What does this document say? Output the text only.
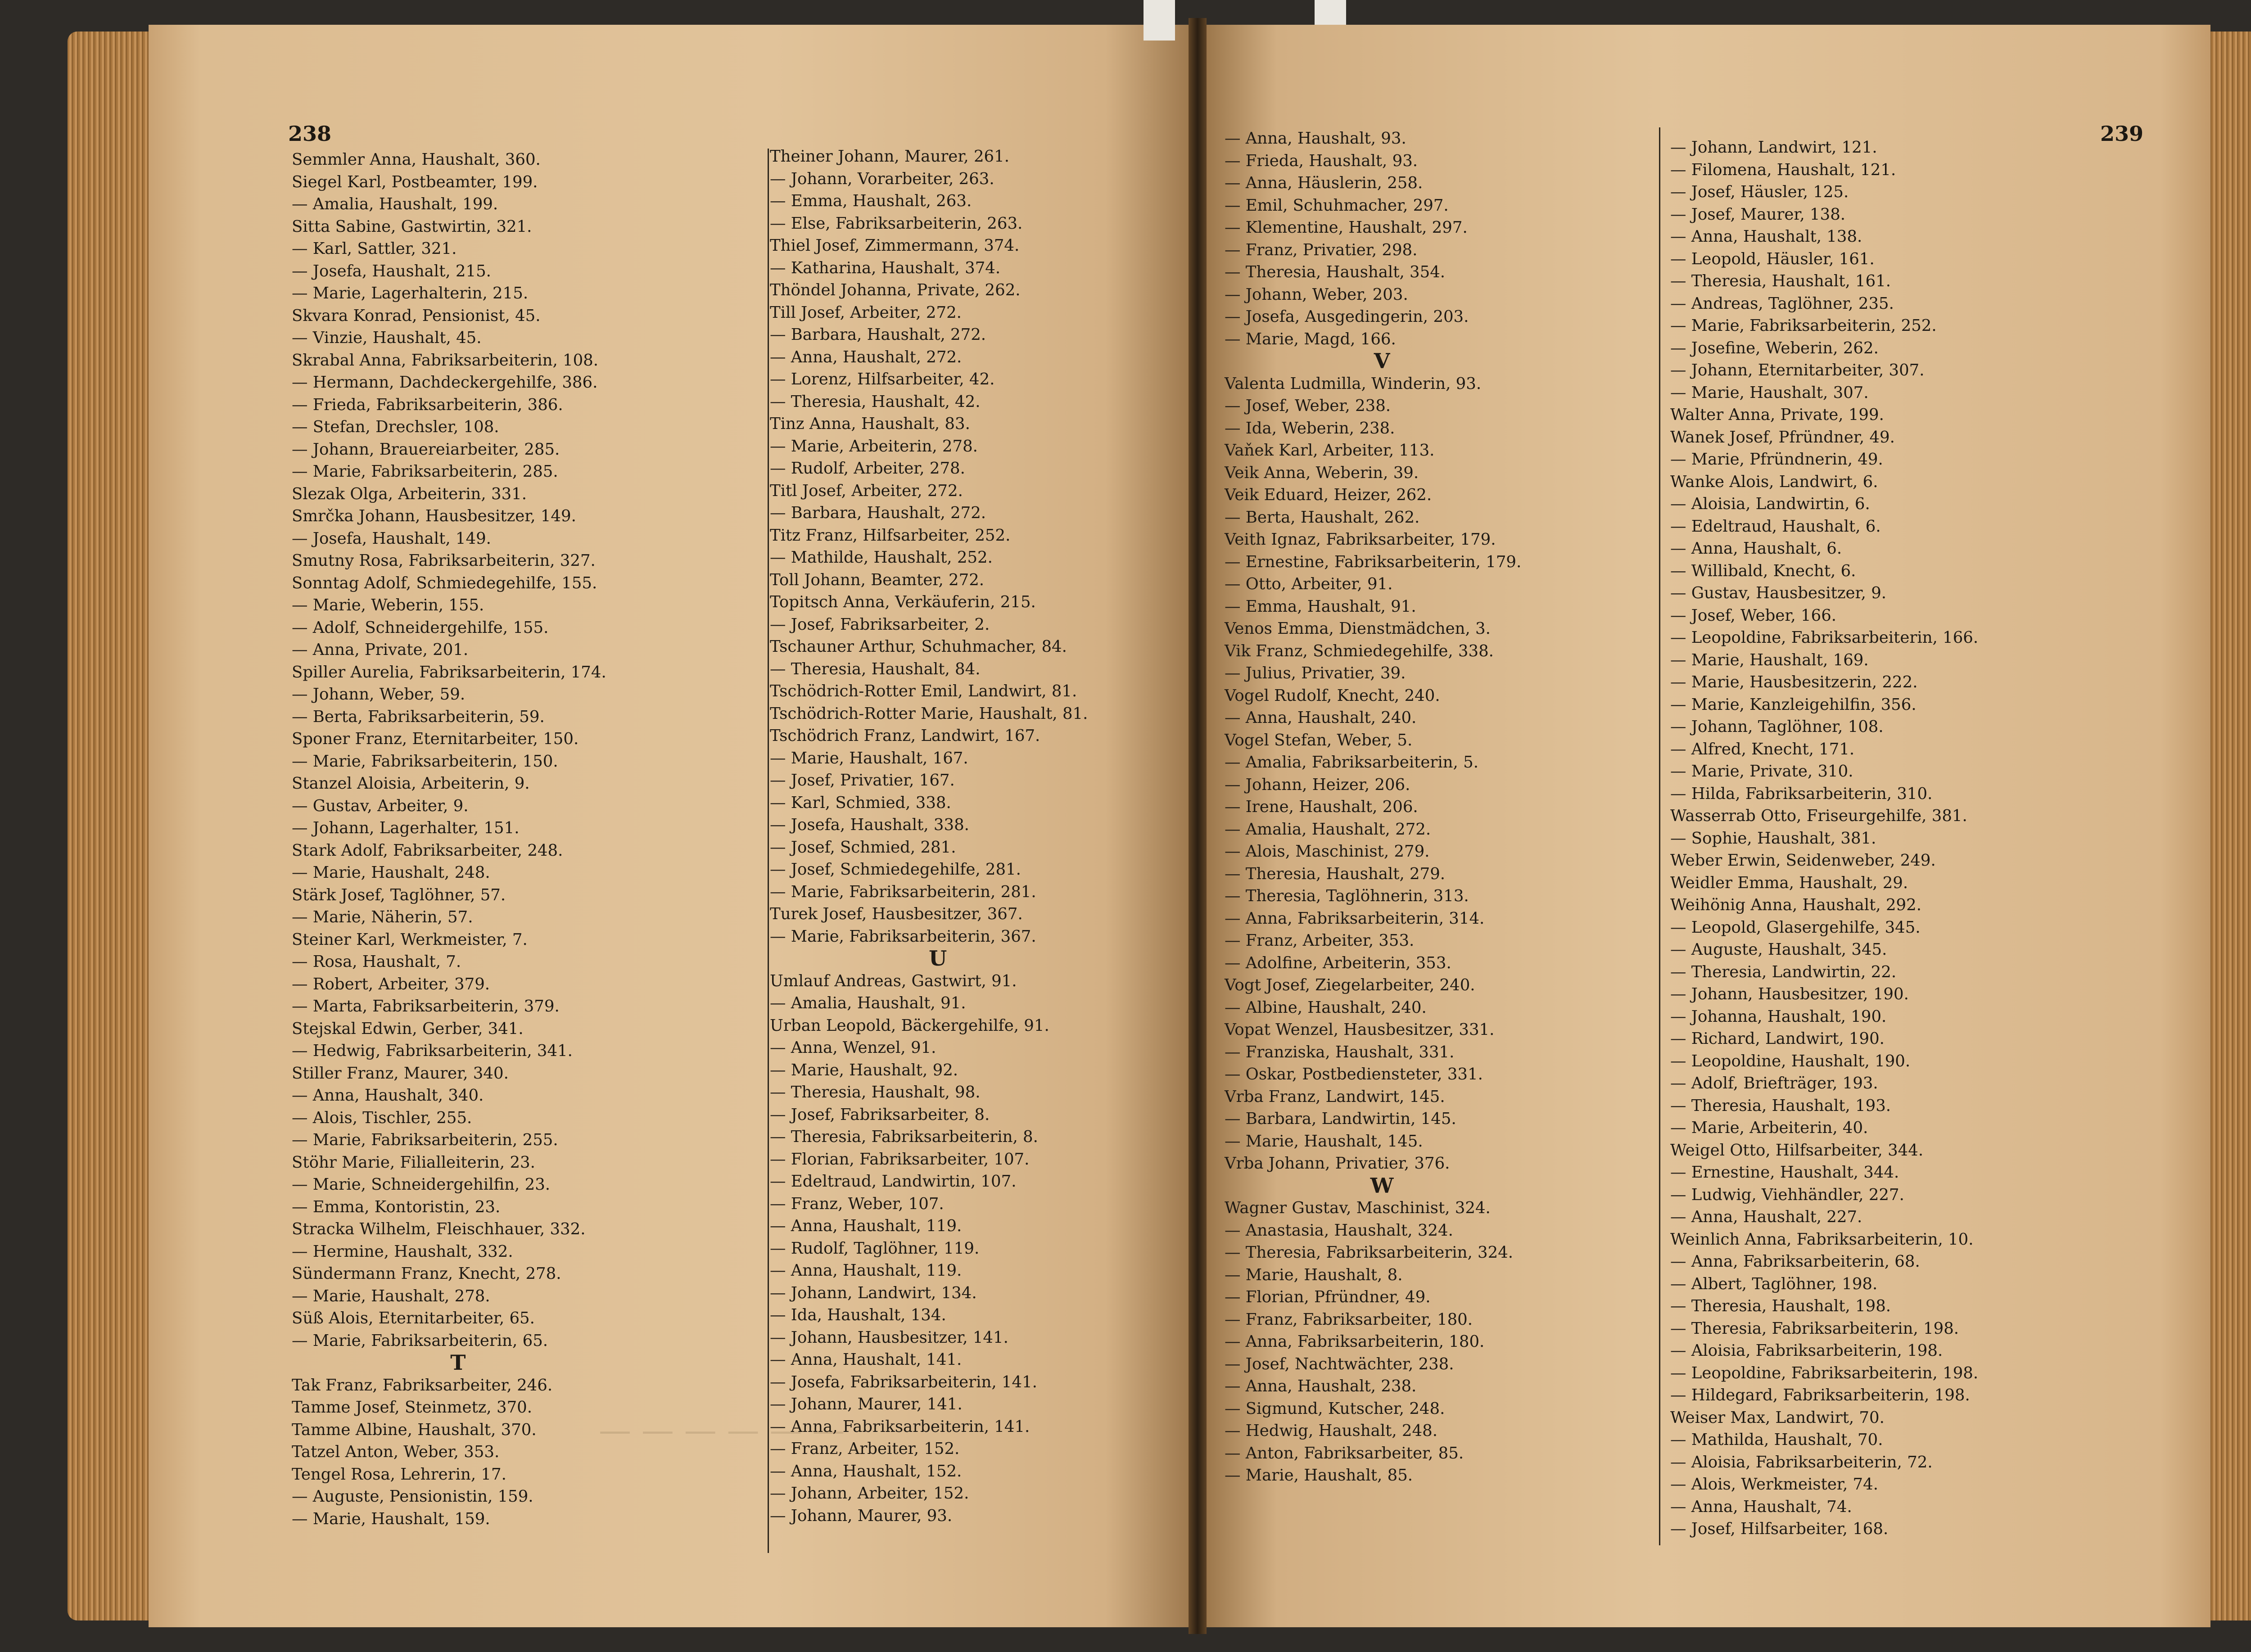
238
Semmler Anna, Haushalt, 360.
Siegel Karl, Postbeamter, 199.
— Amalia, Haushalt, 199.
Sitta Sabine, Gastwirtin, 321.
— Karl, Sattler, 321.
— Josefa, Haushalt, 215.
— Marie, Lagerhalterin, 215.
Skvara Konrad, Pensionist, 45.
— Vinzie, Haushalt, 45.
Skrabal Anna, Fabriksarbeiterin, 108.
— Hermann, Dachdeckergehilfe, 386.
— Frieda, Fabriksarbeiterin, 386.
— Stefan, Drechsler, 108.
— Johann, Brauereiarbeiter, 285.
— Marie, Fabriksarbeiterin, 285.
Slezak Olga, Arbeiterin, 331.
Smrčka Johann, Hausbesitzer, 149.
— Josefa, Haushalt, 149.
Smutny Rosa, Fabriksarbeiterin, 327.
Sonntag Adolf, Schmiedegehilfe, 155.
— Marie, Weberin, 155.
— Adolf, Schneidergehilfe, 155.
— Anna, Private, 201.
Spiller Aurelia, Fabriksarbeiterin, 174.
— Johann, Weber, 59.
— Berta, Fabriksarbeiterin, 59.
Sponer Franz, Eternitarbeiter, 150.
— Marie, Fabriksarbeiterin, 150.
Stanzel Aloisia, Arbeiterin, 9.
— Gustav, Arbeiter, 9.
— Johann, Lagerhalter, 151.
Stark Adolf, Fabriksarbeiter, 248.
— Marie, Haushalt, 248.
Stärk Josef, Taglöhner, 57.
— Marie, Näherin, 57.
Steiner Karl, Werkmeister, 7.
— Rosa, Haushalt, 7.
— Robert, Arbeiter, 379.
— Marta, Fabriksarbeiterin, 379.
Stejskal Edwin, Gerber, 341.
— Hedwig, Fabriksarbeiterin, 341.
Stiller Franz, Maurer, 340.
— Anna, Haushalt, 340.
— Alois, Tischler, 255.
— Marie, Fabriksarbeiterin, 255.
Stöhr Marie, Filialleiterin, 23.
— Marie, Schneidergehilfin, 23.
— Emma, Kontoristin, 23.
Stracka Wilhelm, Fleischhauer, 332.
— Hermine, Haushalt, 332.
Sündermann Franz, Knecht, 278.
— Marie, Haushalt, 278.
Süß Alois, Eternitarbeiter, 65.
— Marie, Fabriksarbeiterin, 65.
T
Tak Franz, Fabriksarbeiter, 246.
Tamme Josef, Steinmetz, 370.
Tamme Albine, Haushalt, 370.
Tatzel Anton, Weber, 353.
Tengel Rosa, Lehrerin, 17.
— Auguste, Pensionistin, 159.
— Marie, Haushalt, 159.
Theiner Johann, Maurer, 261.
— Johann, Vorarbeiter, 263.
— Emma, Haushalt, 263.
— Else, Fabriksarbeiterin, 263.
Thiel Josef, Zimmermann, 374.
— Katharina, Haushalt, 374.
Thöndel Johanna, Private, 262.
Till Josef, Arbeiter, 272.
— Barbara, Haushalt, 272.
— Anna, Haushalt, 272.
— Lorenz, Hilfsarbeiter, 42.
— Theresia, Haushalt, 42.
Tinz Anna, Haushalt, 83.
— Marie, Arbeiterin, 278.
— Rudolf, Arbeiter, 278.
Titl Josef, Arbeiter, 272.
— Barbara, Haushalt, 272.
Titz Franz, Hilfsarbeiter, 252.
— Mathilde, Haushalt, 252.
Toll Johann, Beamter, 272.
Topitsch Anna, Verkäuferin, 215.
— Josef, Fabriksarbeiter, 2.
Tschauner Arthur, Schuhmacher, 84.
— Theresia, Haushalt, 84.
Tschödrich-Rotter Emil, Landwirt, 81.
Tschödrich-Rotter Marie, Haushalt, 81.
Tschödrich Franz, Landwirt, 167.
— Marie, Haushalt, 167.
— Josef, Privatier, 167.
— Karl, Schmied, 338.
— Josefa, Haushalt, 338.
— Josef, Schmied, 281.
— Josef, Schmiedegehilfe, 281.
— Marie, Fabriksarbeiterin, 281.
Turek Josef, Hausbesitzer, 367.
— Marie, Fabriksarbeiterin, 367.
U
Umlauf Andreas, Gastwirt, 91.
— Amalia, Haushalt, 91.
Urban Leopold, Bäckergehilfe, 91.
— Anna, Wenzel, 91.
— Marie, Haushalt, 92.
— Theresia, Haushalt, 98.
— Josef, Fabriksarbeiter, 8.
— Theresia, Fabriksarbeiterin, 8.
— Florian, Fabriksarbeiter, 107.
— Edeltraud, Landwirtin, 107.
— Franz, Weber, 107.
— Anna, Haushalt, 119.
— Rudolf, Taglöhner, 119.
— Anna, Haushalt, 119.
— Johann, Landwirt, 134.
— Ida, Haushalt, 134.
— Johann, Hausbesitzer, 141.
— Anna, Haushalt, 141.
— Josefa, Fabriksarbeiterin, 141.
— Johann, Maurer, 141.
— Anna, Fabriksarbeiterin, 141.
— Franz, Arbeiter, 152.
— Anna, Haushalt, 152.
— Johann, Arbeiter, 152.
— Johann, Maurer, 93.
— — — — — —
239
— Anna, Haushalt, 93.
— Frieda, Haushalt, 93.
— Anna, Häuslerin, 258.
— Emil, Schuhmacher, 297.
— Klementine, Haushalt, 297.
— Franz, Privatier, 298.
— Theresia, Haushalt, 354.
— Johann, Weber, 203.
— Josefa, Ausgedingerin, 203.
— Marie, Magd, 166.
V
Valenta Ludmilla, Winderin, 93.
— Josef, Weber, 238.
— Ida, Weberin, 238.
Vaňek Karl, Arbeiter, 113.
Veik Anna, Weberin, 39.
Veik Eduard, Heizer, 262.
— Berta, Haushalt, 262.
Veith Ignaz, Fabriksarbeiter, 179.
— Ernestine, Fabriksarbeiterin, 179.
— Otto, Arbeiter, 91.
— Emma, Haushalt, 91.
Venos Emma, Dienstmädchen, 3.
Vik Franz, Schmiedegehilfe, 338.
— Julius, Privatier, 39.
Vogel Rudolf, Knecht, 240.
— Anna, Haushalt, 240.
Vogel Stefan, Weber, 5.
— Amalia, Fabriksarbeiterin, 5.
— Johann, Heizer, 206.
— Irene, Haushalt, 206.
— Amalia, Haushalt, 272.
— Alois, Maschinist, 279.
— Theresia, Haushalt, 279.
— Theresia, Taglöhnerin, 313.
— Anna, Fabriksarbeiterin, 314.
— Franz, Arbeiter, 353.
— Adolfine, Arbeiterin, 353.
Vogt Josef, Ziegelarbeiter, 240.
— Albine, Haushalt, 240.
Vopat Wenzel, Hausbesitzer, 331.
— Franziska, Haushalt, 331.
— Oskar, Postbediensteter, 331.
Vrba Franz, Landwirt, 145.
— Barbara, Landwirtin, 145.
— Marie, Haushalt, 145.
Vrba Johann, Privatier, 376.
W
Wagner Gustav, Maschinist, 324.
— Anastasia, Haushalt, 324.
— Theresia, Fabriksarbeiterin, 324.
— Marie, Haushalt, 8.
— Florian, Pfründner, 49.
— Franz, Fabriksarbeiter, 180.
— Anna, Fabriksarbeiterin, 180.
— Josef, Nachtwächter, 238.
— Anna, Haushalt, 238.
— Sigmund, Kutscher, 248.
— Hedwig, Haushalt, 248.
— Anton, Fabriksarbeiter, 85.
— Marie, Haushalt, 85.
— Johann, Landwirt, 121.
— Filomena, Haushalt, 121.
— Josef, Häusler, 125.
— Josef, Maurer, 138.
— Anna, Haushalt, 138.
— Leopold, Häusler, 161.
— Theresia, Haushalt, 161.
— Andreas, Taglöhner, 235.
— Marie, Fabriksarbeiterin, 252.
— Josefine, Weberin, 262.
— Johann, Eternitarbeiter, 307.
— Marie, Haushalt, 307.
Walter Anna, Private, 199.
Wanek Josef, Pfründner, 49.
— Marie, Pfründnerin, 49.
Wanke Alois, Landwirt, 6.
— Aloisia, Landwirtin, 6.
— Edeltraud, Haushalt, 6.
— Anna, Haushalt, 6.
— Willibald, Knecht, 6.
— Gustav, Hausbesitzer, 9.
— Josef, Weber, 166.
— Leopoldine, Fabriksarbeiterin, 166.
— Marie, Haushalt, 169.
— Marie, Hausbesitzerin, 222.
— Marie, Kanzleigehilfin, 356.
— Johann, Taglöhner, 108.
— Alfred, Knecht, 171.
— Marie, Private, 310.
— Hilda, Fabriksarbeiterin, 310.
Wasserrab Otto, Friseurgehilfe, 381.
— Sophie, Haushalt, 381.
Weber Erwin, Seidenweber, 249.
Weidler Emma, Haushalt, 29.
Weihönig Anna, Haushalt, 292.
— Leopold, Glasergehilfe, 345.
— Auguste, Haushalt, 345.
— Theresia, Landwirtin, 22.
— Johann, Hausbesitzer, 190.
— Johanna, Haushalt, 190.
— Richard, Landwirt, 190.
— Leopoldine, Haushalt, 190.
— Adolf, Briefträger, 193.
— Theresia, Haushalt, 193.
— Marie, Arbeiterin, 40.
Weigel Otto, Hilfsarbeiter, 344.
— Ernestine, Haushalt, 344.
— Ludwig, Viehhändler, 227.
— Anna, Haushalt, 227.
Weinlich Anna, Fabriksarbeiterin, 10.
— Anna, Fabriksarbeiterin, 68.
— Albert, Taglöhner, 198.
— Theresia, Haushalt, 198.
— Theresia, Fabriksarbeiterin, 198.
— Aloisia, Fabriksarbeiterin, 198.
— Leopoldine, Fabriksarbeiterin, 198.
— Hildegard, Fabriksarbeiterin, 198.
Weiser Max, Landwirt, 70.
— Mathilda, Haushalt, 70.
— Aloisia, Fabriksarbeiterin, 72.
— Alois, Werkmeister, 74.
— Anna, Haushalt, 74.
— Josef, Hilfsarbeiter, 168.
